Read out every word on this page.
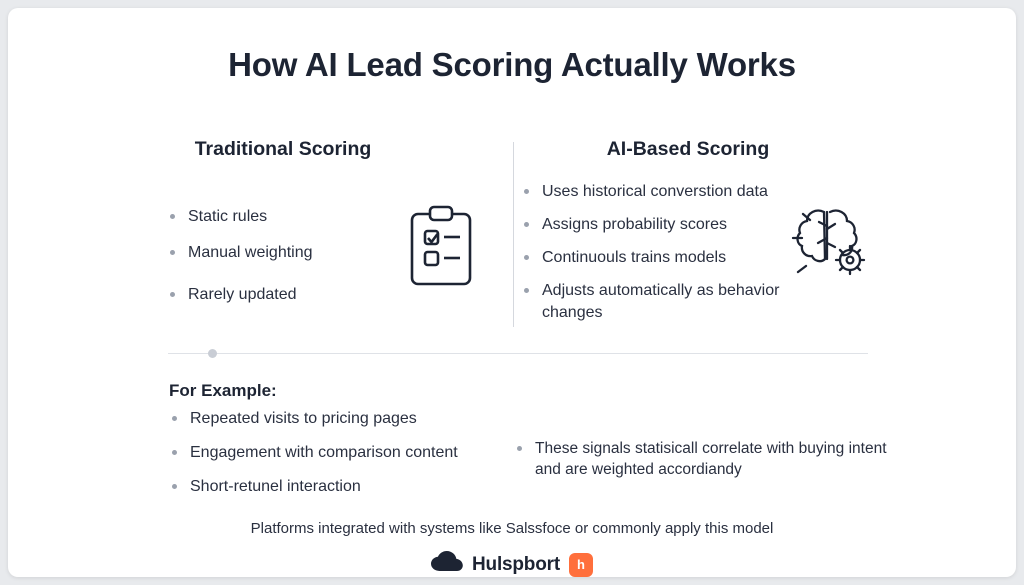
How AI Lead Scoring Actually Works
Traditional Scoring	AI-Based Scoring
Static rules
Manual weighting
Rarely updated
Uses historical converstion data
Assigns probability scores
Continuouls trains models
Adjusts automatically as behavior changes
For Example:
Repeated visits to pricing pages
Engagement with comparison content
Short-retunel interaction
These signals statisicall correlate with buying intent and are weighted accordiandy
Platforms integrated with systems like Salssfoce or commonly apply this model
Hulspbort	h
